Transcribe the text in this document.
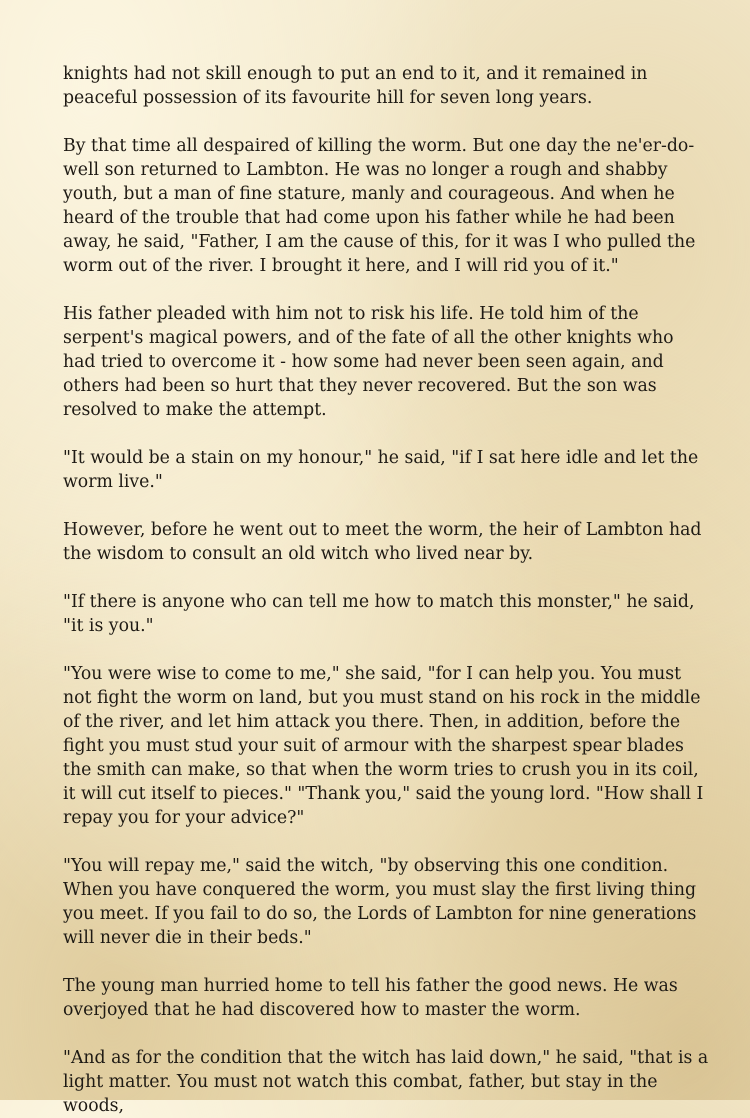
knights had not skill enough to put an end to it, and it remained in peaceful possession of its favourite hill for seven long years.

By that time all despaired of killing the worm. But one day the ne'er-do-well son returned to Lambton. He was no longer a rough and shabby youth, but a man of fine stature, manly and courageous. And when he heard of the trouble that had come upon his father while he had been away, he said, "Father, I am the cause of this, for it was I who pulled the worm out of the river. I brought it here, and I will rid you of it."

His father pleaded with him not to risk his life. He told him of the serpent's magical powers, and of the fate of all the other knights who had tried to overcome it - how some had never been seen again, and others had been so hurt that they never recovered. But the son was resolved to make the attempt.

"It would be a stain on my honour," he said, "if I sat here idle and let the worm live."

However, before he went out to meet the worm, the heir of Lambton had the wisdom to consult an old witch who lived near by.

"If there is anyone who can tell me how to match this monster," he said, "it is you."

"You were wise to come to me," she said, "for I can help you. You must not fight the worm on land, but you must stand on his rock in the middle of the river, and let him attack you there. Then, in addition, before the fight you must stud your suit of armour with the sharpest spear blades the smith can make, so that when the worm tries to crush you in its coil, it will cut itself to pieces." "Thank you," said the young lord. "How shall I repay you for your advice?"

"You will repay me," said the witch, "by observing this one condition. When you have conquered the worm, you must slay the first living thing you meet. If you fail to do so, the Lords of Lambton for nine generations will never die in their beds."

The young man hurried home to tell his father the good news. He was overjoyed that he had discovered how to master the worm.

"And as for the condition that the witch has laid down," he said, "that is a light matter. You must not watch this combat, father, but stay in the woods,
